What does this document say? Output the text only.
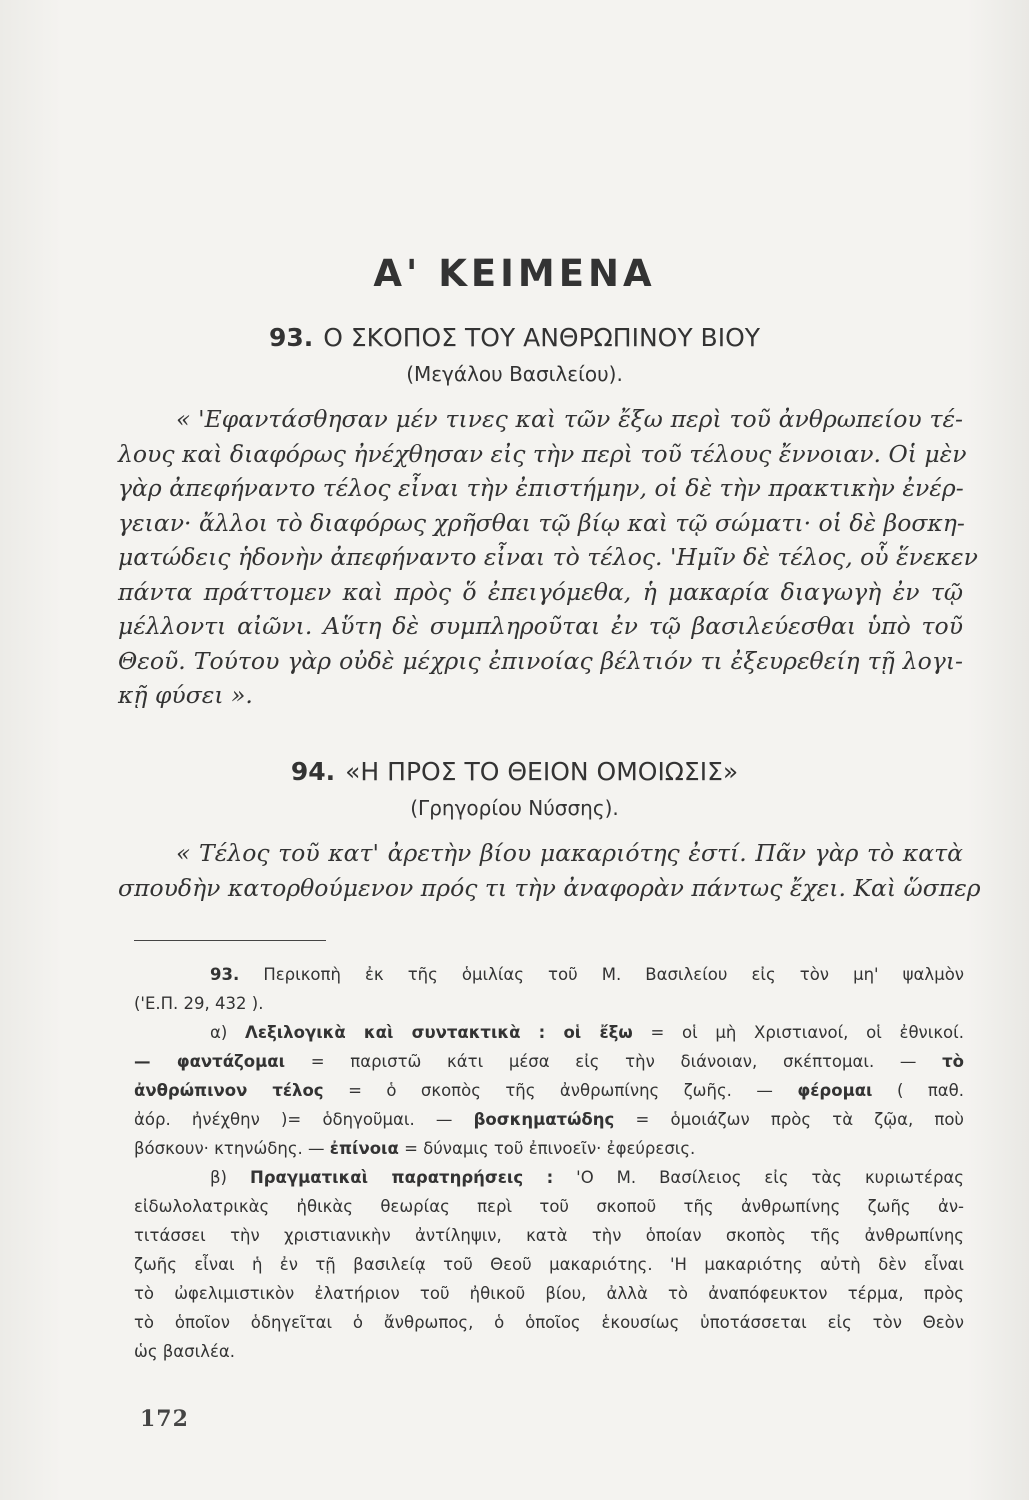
Α' ΚΕΙΜΕΝΑ
93. Ο ΣΚΟΠΟΣ ΤΟΥ ΑΝΘΡΩΠΙΝΟΥ ΒΙΟΥ
(Μεγάλου Βασιλείου).
« 'Εφαντάσθησαν μέν τινες καὶ τῶν ἔξω περὶ τοῦ ἀνθρωπείου τέ-
λους καὶ διαφόρως ἠνέχθησαν εἰς τὴν περὶ τοῦ τέλους ἔννοιαν. Οἱ μὲν
γὰρ ἀπεφήναντο τέλος εἶναι τὴν ἐπιστήμην, οἱ δὲ τὴν πρακτικὴν ἐνέρ-
γειαν· ἄλλοι τὸ διαφόρως χρῆσθαι τῷ βίῳ καὶ τῷ σώματι· οἱ δὲ βοσκη-
ματώδεις ἡδονὴν ἀπεφήναντο εἶναι τὸ τέλος. 'Ημῖν δὲ τέλος, οὗ ἕνεκεν
πάντα πράττομεν καὶ πρὸς ὅ ἐπειγόμεθα, ἡ μακαρία διαγωγὴ ἐν τῷ
μέλλοντι αἰῶνι. Αὕτη δὲ συμπληροῦται ἐν τῷ βασιλεύεσθαι ὑπὸ τοῦ
Θεοῦ. Τούτου γὰρ οὐδὲ μέχρις ἐπινοίας βέλτιόν τι ἐξευρεθείη τῇ λογι-
κῇ φύσει ».
94. «Η ΠΡΟΣ ΤΟ ΘΕΙΟΝ ΟΜΟΙΩΣΙΣ»
(Γρηγορίου Νύσσης).
« Τέλος τοῦ κατ' ἀρετὴν βίου μακαριότης ἐστί. Πᾶν γὰρ τὸ κατὰ
σπουδὴν κατορθούμενον πρός τι τὴν ἀναφορὰν πάντως ἔχει. Καὶ ὥσπερ
93. Περικοπὴ ἐκ τῆς ὁμιλίας τοῦ Μ. Βασιλείου εἰς τὸν μη' ψαλμὸν
('Ε.Π. 29, 432 ).
α) Λεξιλογικὰ καὶ συντακτικὰ : οἱ ἔξω = οἱ μὴ Χριστιανοί, οἱ ἐθνικοί.
— φαντάζομαι = παριστῶ κάτι μέσα εἰς τὴν διάνοιαν, σκέπτομαι. — τὸ
ἀνθρώπινον τέλος = ὁ σκοπὸς τῆς ἀνθρωπίνης ζωῆς. — φέρομαι ( παθ.
ἀόρ. ἠνέχθην )= ὁδηγοῦμαι. — βοσκηματώδης = ὁμοιάζων πρὸς τὰ ζῷα, ποὺ
βόσκουν· κτηνώδης. — ἐπίνοια = δύναμις τοῦ ἐπινοεῖν· ἐφεύρεσις.
β) Πραγματικαὶ παρατηρήσεις : 'Ο Μ. Βασίλειος εἰς τὰς κυριωτέρας
εἰδωλολατρικὰς ἠθικὰς θεωρίας περὶ τοῦ σκοποῦ τῆς ἀνθρωπίνης ζωῆς ἀν-
τιτάσσει τὴν χριστιανικὴν ἀντίληψιν, κατὰ τὴν ὁποίαν σκοπὸς τῆς ἀνθρωπίνης
ζωῆς εἶναι ἡ ἐν τῇ βασιλείᾳ τοῦ Θεοῦ μακαριότης. 'Η μακαριότης αὐτὴ δὲν εἶναι
τὸ ὠφελιμιστικὸν ἐλατήριον τοῦ ἠθικοῦ βίου, ἀλλὰ τὸ ἀναπόφευκτον τέρμα, πρὸς
τὸ ὁποῖον ὁδηγεῖται ὁ ἄνθρωπος, ὁ ὁποῖος ἑκουσίως ὑποτάσσεται εἰς τὸν Θεὸν
ὡς βασιλέα.
172
